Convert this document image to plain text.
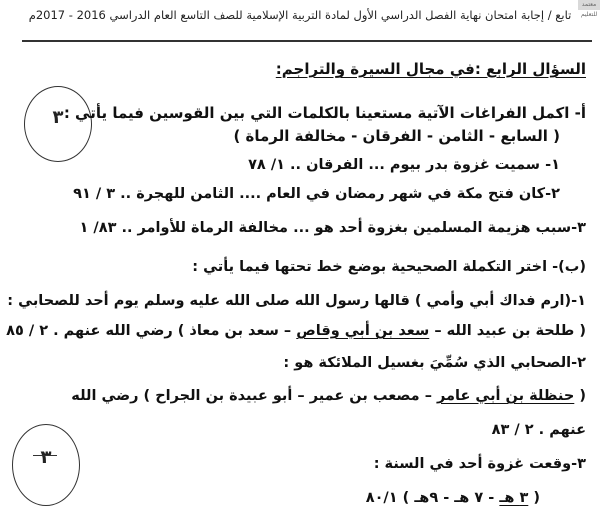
معتمد للتعليم
تابع / إجابة امتحان نهاية الفصل الدراسي الأول لمادة التربية الإسلامية للصف التاسع العام الدراسي 2016 - 2017م
السؤال الرابع :في مجال السيرة والتراجم:
٣ أ- اكمل الفراغات الآتية مستعينا بالكلمات التي بين القوسين فيما يأتي :
( السابع - الثامن - الفرقان - مخالفة الرماة )
١- سميت غزوة بدر بيوم ... الفرقان .. ١/ ٧٨
٢-كان فتح مكة في شهر رمضان في العام .... الثامن للهجرة .. ٣ / ٩١
٣-سبب هزيمة المسلمين بغزوة أحد هو ... مخالفة الرماة للأوامر .. ٨٣/ ١
(ب)- اختر التكملة الصحيحية بوضع خط تحتها فيما يأتي :
١-(ارم فداك أبي وأمي ) قالها رسول الله صلى الله عليه وسلم يوم أحد للصحابي :
( طلحة بن عبيد الله – سعد بن أبي وقاص – سعد بن معاذ ) رضي الله عنهم . ٢ / ٨٥
٢-الصحابي الذي سُمِّيَ بغسيل الملائكة هو :
( حنظلة بن أبي عامر – مصعب بن عمير – أبو عبيدة بن الجراح ) رضي الله
عنهم . ٢ / ٨٣
٣	٣-وقعت غزوة أحد في السنة :
( ٣ هـ - ٧ هـ - ٩هـ ) ٨٠/١
